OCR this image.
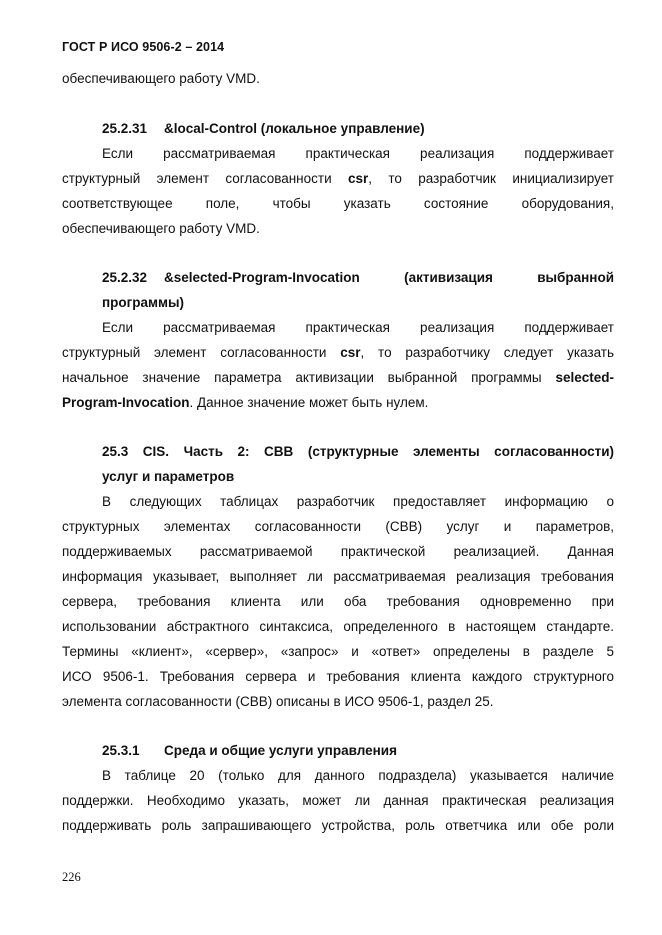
ГОСТ Р ИСО 9506-2 – 2014
обеспечивающего работу VMD.
25.2.31 &local-Control (локальное управление)
Если рассматриваемая практическая реализация поддерживает
структурный элемент согласованности csr, то разработчик инициализирует
соответствующее поле, чтобы указать состояние оборудования,
обеспечивающего работу VMD.
25.2.32 &selected-Program-Invocation (активизация выбранной
программы)
Если рассматриваемая практическая реализация поддерживает
структурный элемент согласованности csr, то разработчику следует указать
начальное значение параметра активизации выбранной программы selected-
Program-Invocation. Данное значение может быть нулем.
25.3 CIS. Часть 2: CBB (структурные элементы согласованности)
услуг и параметров
В следующих таблицах разработчик предоставляет информацию о
структурных элементах согласованности (CBB) услуг и параметров,
поддерживаемых рассматриваемой практической реализацией. Данная
информация указывает, выполняет ли рассматриваемая реализация требования
сервера, требования клиента или оба требования одновременно при
использовании абстрактного синтаксиса, определенного в настоящем стандарте.
Термины «клиент», «сервер», «запрос» и «ответ» определены в разделе 5
ИСО 9506-1. Требования сервера и требования клиента каждого структурного
элемента согласованности (CBB) описаны в ИСО 9506-1, раздел 25.
25.3.1 Среда и общие услуги управления
В таблице 20 (только для данного подраздела) указывается наличие
поддержки. Необходимо указать, может ли данная практическая реализация
поддерживать роль запрашивающего устройства, роль ответчика или обе роли
226
